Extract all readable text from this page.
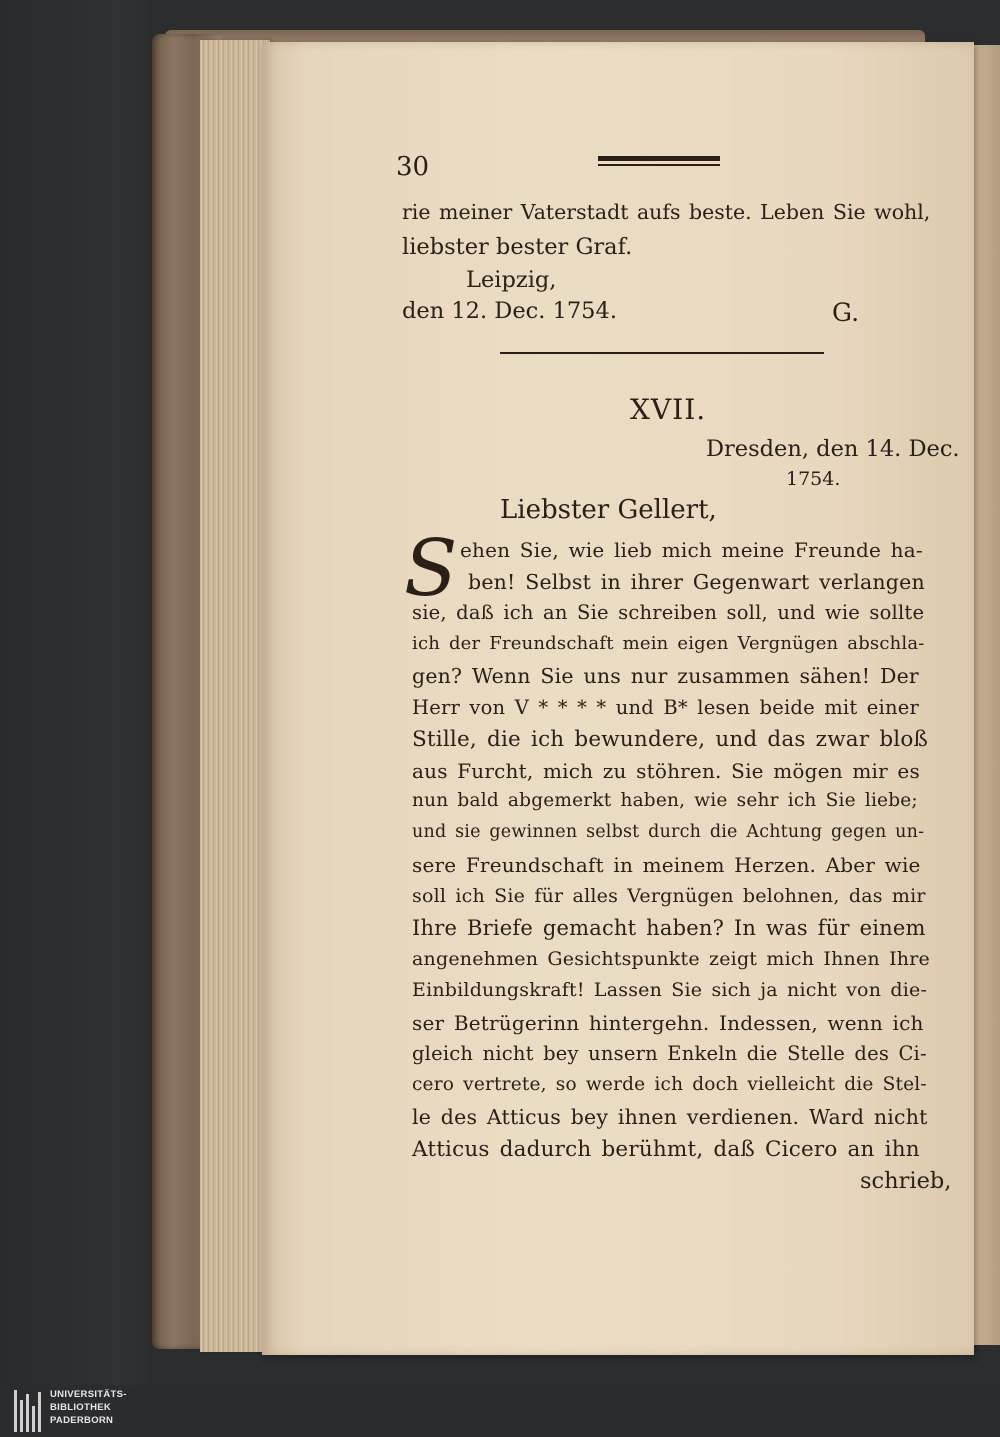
30
rie meiner Vaterstadt aufs beste. Leben Sie wohl,
liebster bester Graf.
Leipzig,
den 12. Dec. 1754.	G.
XVII.
Dresden, den 14. Dec.
1754.
Liebster Gellert,
S ehen Sie, wie lieb mich meine Freunde ha-
ben! Selbst in ihrer Gegenwart verlangen
sie, daß ich an Sie schreiben soll, und wie sollte
ich der Freundschaft mein eigen Vergnügen abschla-
gen? Wenn Sie uns nur zusammen sähen! Der
Herr von V * * * * und B* lesen beide mit einer
Stille, die ich bewundere, und das zwar bloß
aus Furcht, mich zu stöhren. Sie mögen mir es
nun bald abgemerkt haben, wie sehr ich Sie liebe;
und sie gewinnen selbst durch die Achtung gegen un-
sere Freundschaft in meinem Herzen. Aber wie
soll ich Sie für alles Vergnügen belohnen, das mir
Ihre Briefe gemacht haben? In was für einem
angenehmen Gesichtspunkte zeigt mich Ihnen Ihre
Einbildungskraft! Lassen Sie sich ja nicht von die-
ser Betrügerinn hintergehn. Indessen, wenn ich
gleich nicht bey unsern Enkeln die Stelle des Ci-
cero vertrete, so werde ich doch vielleicht die Stel-
le des Atticus bey ihnen verdienen. Ward nicht
Atticus dadurch berühmt, daß Cicero an ihn
schrieb,
UNIVERSITÄTS-
BIBLIOTHEK
PADERBORN
